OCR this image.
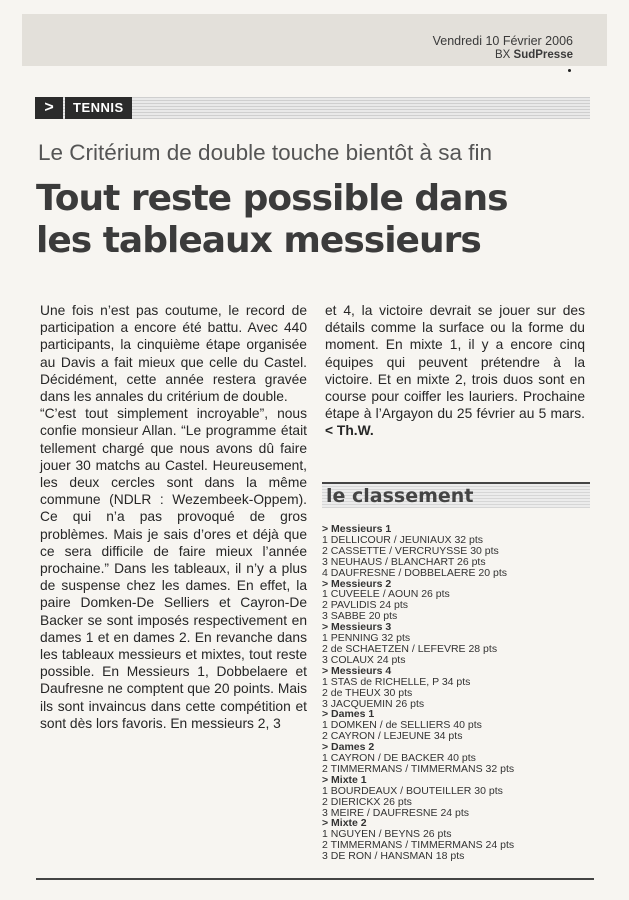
Vendredi 10 Février 2006
BX SudPresse
>	TENNIS
Le Critérium de double touche bientôt à sa fin
Tout reste possible dans
les tableaux messieurs

Une fois n’est pas coutume, le record de participation a encore été battu. Avec 440 participants, la cinquième étape organisée au Davis a fait mieux que celle du Castel. Décidément, cette année restera gravée dans les annales du critérium de double.

“C’est tout simplement incroyable”, nous confie monsieur Allan. “Le programme était tellement chargé que nous avons dû faire jouer 30 matchs au Castel. Heureusement, les deux cercles sont dans la même commune (NDLR : Wezembeek-Oppem). Ce qui n’a pas provoqué de gros problèmes. Mais je sais d’ores et déjà que ce sera difficile de faire mieux l’année prochaine.” Dans les tableaux, il n’y a plus de suspense chez les dames. En effet, la paire Domken-De Selliers et Cayron-De Backer se sont imposés respectivement en dames 1 et en dames 2. En revanche dans les tableaux messieurs et mixtes, tout reste possible. En Messieurs 1, Dobbelaere et Daufresne ne comptent que 20 points. Mais ils sont invaincus dans cette compétition et sont dès lors favoris. En messieurs 2, 3

et 4, la victoire devrait se jouer sur des détails comme la surface ou la forme du moment. En mixte 1, il y a encore cinq équipes qui peuvent prétendre à la victoire. Et en mixte 2, trois duos sont en course pour coiffer les lauriers. Prochaine étape à l’Argayon du 25 février au 5 mars. < Th.W.

le classement
> Messieurs 1
1 DELLICOUR / JEUNIAUX 32 pts
2 CASSETTE / VERCRUYSSE 30 pts
3 NEUHAUS / BLANCHART 26 pts
4 DAUFRESNE / DOBBELAERE 20 pts
> Messieurs 2
1 CUVEELE / AOUN 26 pts
2 PAVLIDIS 24 pts
3 SABBE 20 pts
> Messieurs 3
1 PENNING 32 pts
2 de SCHAETZEN / LEFEVRE 28 pts
3 COLAUX 24 pts
> Messieurs 4
1 STAS de RICHELLE, P 34 pts
2 de THEUX 30 pts
3 JACQUEMIN 26 pts
> Dames 1
1 DOMKEN / de SELLIERS 40 pts
2 CAYRON / LEJEUNE 34 pts
> Dames 2
1 CAYRON / DE BACKER 40 pts
2 TIMMERMANS / TIMMERMANS 32 pts
> Mixte 1
1 BOURDEAUX / BOUTEILLER 30 pts
2 DIERICKX 26 pts
3 MEIRE / DAUFRESNE 24 pts
> Mixte 2
1 NGUYEN / BEYNS 26 pts
2 TIMMERMANS / TIMMERMANS 24 pts
3 DE RON / HANSMAN 18 pts
